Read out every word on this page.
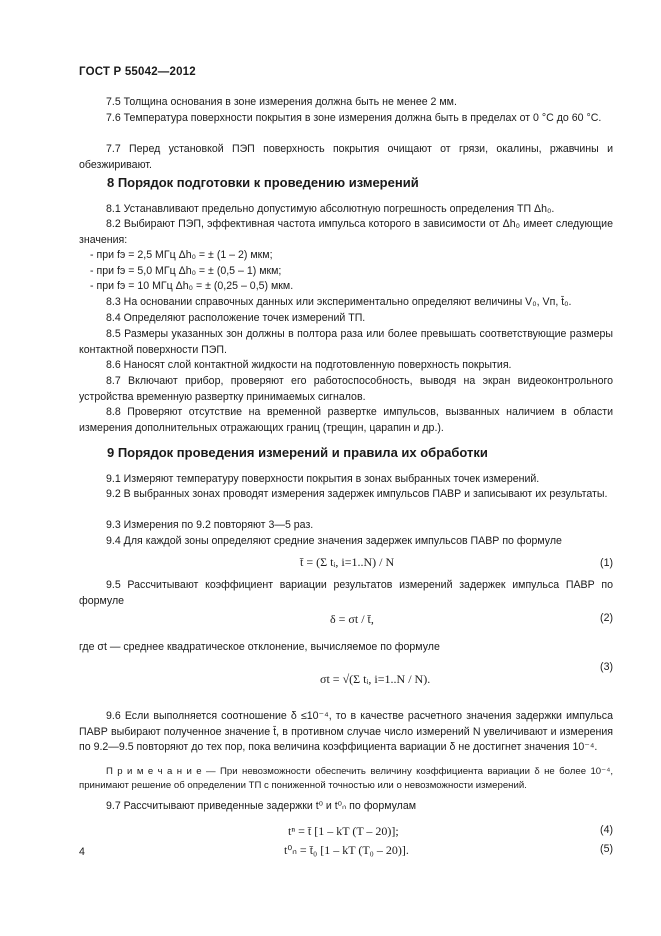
ГОСТ Р 55042—2012
7.5 Толщина основания в зоне измерения должна быть не менее 2 мм.
7.6 Температура поверхности покрытия в зоне измерения должна быть в пределах от 0 °С до 60 °С.
7.7 Перед установкой ПЭП поверхность покрытия очищают от грязи, окалины, ржавчины и обезжиривают.
8 Порядок подготовки к проведению измерений
8.1 Устанавливают предельно допустимую абсолютную погрешность определения ТП Δh₀.
8.2 Выбирают ПЭП, эффективная частота импульса которого в зависимости от Δh₀ имеет следующие значения:
- при fэ = 2,5 МГц Δh₀ = ± (1 – 2) мкм;
- при fэ = 5,0 МГц Δh₀ = ± (0,5 – 1) мкм;
- при fэ = 10 МГц Δh₀ = ± (0,25 – 0,5) мкм.
8.3 На основании справочных данных или экспериментально определяют величины V₀, Vп, t̄₀.
8.4 Определяют расположение точек измерений ТП.
8.5 Размеры указанных зон должны в полтора раза или более превышать соответствующие размеры контактной поверхности ПЭП.
8.6 Наносят слой контактной жидкости на подготовленную поверхность покрытия.
8.7 Включают прибор, проверяют его работоспособность, выводя на экран видеоконтрольного устройства временную развертку принимаемых сигналов.
8.8 Проверяют отсутствие на временной развертке импульсов, вызванных наличием в области измерения дополнительных отражающих границ (трещин, царапин и др.).
9 Порядок проведения измерений и правила их обработки
9.1 Измеряют температуру поверхности покрытия в зонах выбранных точек измерений.
9.2 В выбранных зонах проводят измерения задержек импульсов ПАВР и записывают их результаты.
9.3 Измерения по 9.2 повторяют 3—5 раз.
9.4 Для каждой зоны определяют средние значения задержек импульсов ПАВР по формуле
t̄ = (Σ tᵢ, i=1..N) / N	(1)
9.5 Рассчитывают коэффициент вариации результатов измерений задержек импульса ПАВР по формуле
δ = σt / t̄,	(2)
где σt — среднее квадратическое отклонение, вычисляемое по формуле
σt = √(Σ tᵢ, i=1..N / N).
(3)
9.6 Если выполняется соотношение δ ≤10⁻⁴, то в качестве расчетного значения задержки импульса ПАВР выбирают полученное значение t̄, в противном случае число измерений N увеличивают и измерения по 9.2—9.5 повторяют до тех пор, пока величина коэффициента вариации δ не достигнет значения 10⁻⁴.
П р и м е ч а н и е — При невозможности обеспечить величину коэффициента вариации δ не более 10⁻⁴, принимают решение об определении ТП с пониженной точностью или о невозможности измерений.
9.7 Рассчитывают приведенные задержки t⁰ и t⁰ₙ по формулам
tⁿ = t̄ [1 – kT (T – 20)];	(4)
t⁰ₙ = t̄₀ [1 – kT (T₀ – 20)].	(5)
4
